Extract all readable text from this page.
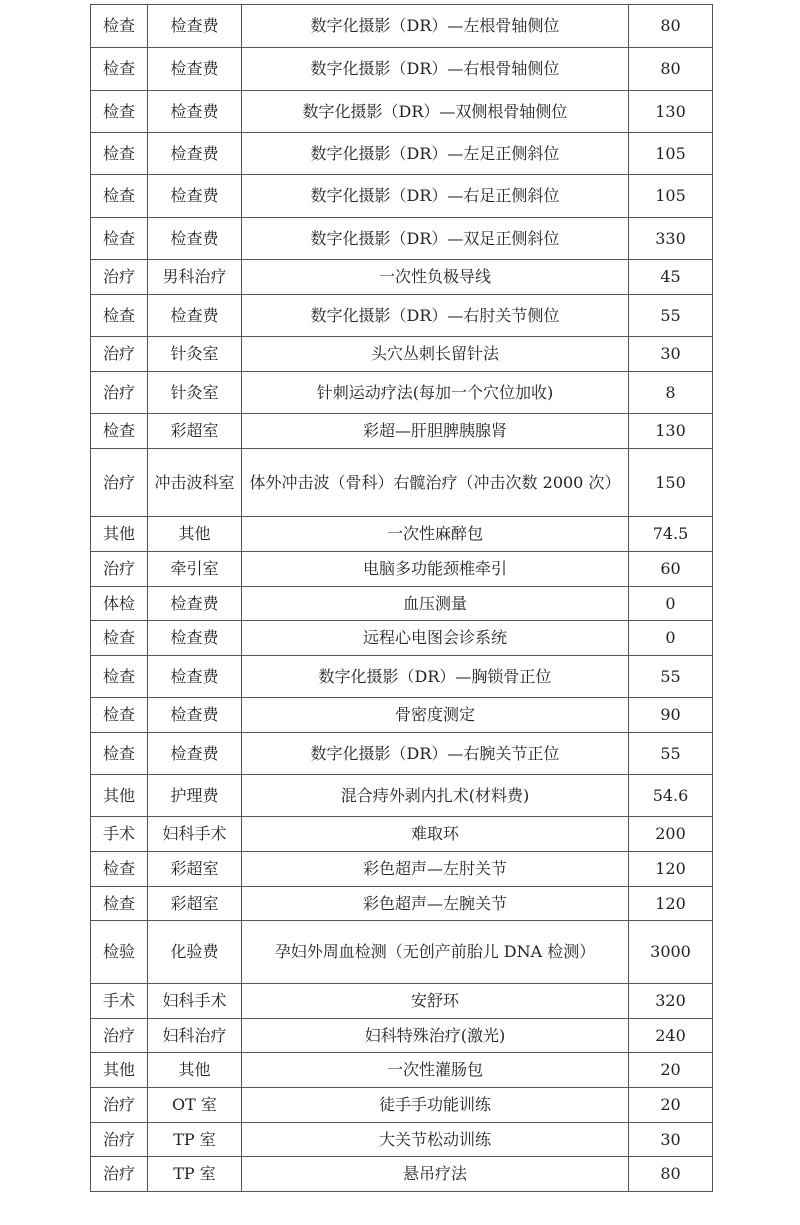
检查	检查费	数字化摄影（DR）—左根骨轴侧位	80
检查	检查费	数字化摄影（DR）—右根骨轴侧位	80
检查	检查费	数字化摄影（DR）—双侧根骨轴侧位	130
检查	检查费	数字化摄影（DR）—左足正侧斜位	105
检查	检查费	数字化摄影（DR）—右足正侧斜位	105
检查	检查费	数字化摄影（DR）—双足正侧斜位	330
治疗	男科治疗	一次性负极导线	45
检查	检查费	数字化摄影（DR）—右肘关节侧位	55
治疗	针灸室	头穴丛刺长留针法	30
治疗	针灸室	针刺运动疗法(每加一个穴位加收)	8
检查	彩超室	彩超—肝胆脾胰腺肾	130
治疗	冲击波科室	体外冲击波（骨科）右髋治疗（冲击次数 2000 次）	150
其他	其他	一次性麻醉包	74.5
治疗	牵引室	电脑多功能颈椎牵引	60
体检	检查费	血压测量	0
检查	检查费	远程心电图会诊系统	0
检查	检查费	数字化摄影（DR）—胸锁骨正位	55
检查	检查费	骨密度测定	90
检查	检查费	数字化摄影（DR）—右腕关节正位	55
其他	护理费	混合痔外剥内扎术(材料费)	54.6
手术	妇科手术	难取环	200
检查	彩超室	彩色超声—左肘关节	120
检查	彩超室	彩色超声—左腕关节	120
检验	化验费	孕妇外周血检测（无创产前胎儿 DNA 检测）	3000
手术	妇科手术	安舒环	320
治疗	妇科治疗	妇科特殊治疗(激光)	240
其他	其他	一次性灌肠包	20
治疗	OT 室	徒手手功能训练	20
治疗	TP 室	大关节松动训练	30
治疗	TP 室	悬吊疗法	80
